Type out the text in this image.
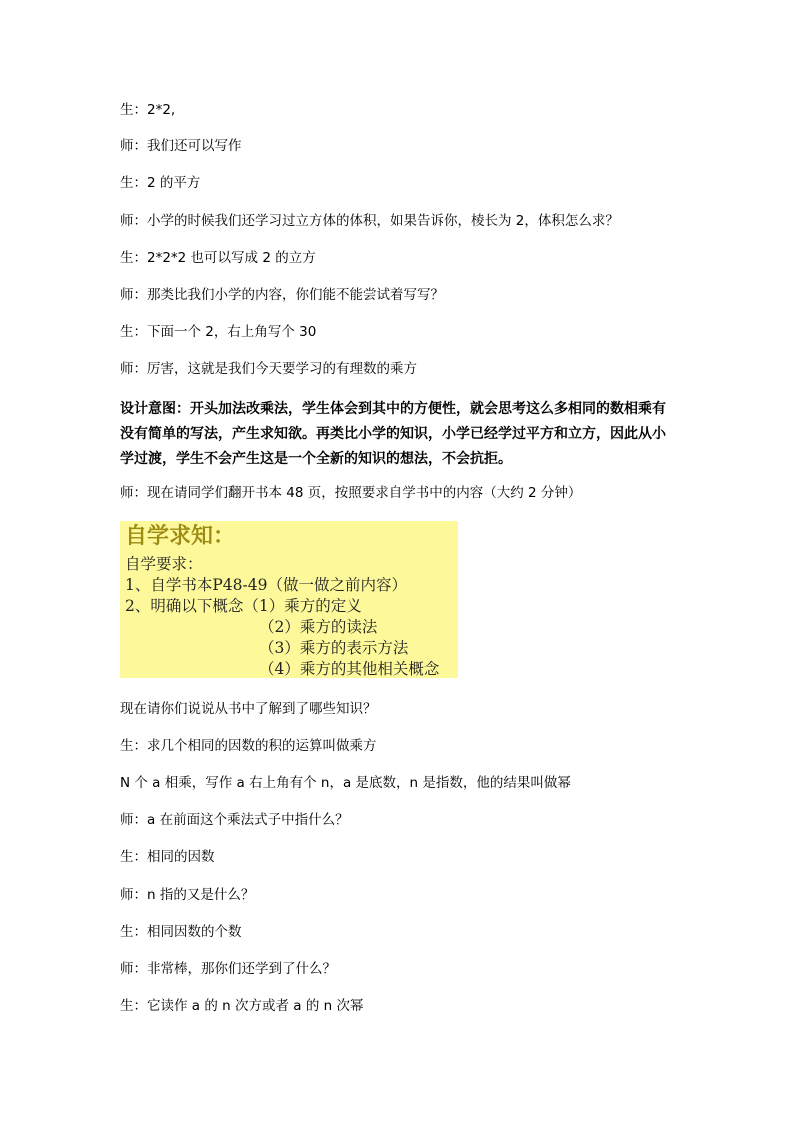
生：2*2,
师：我们还可以写作
生：2 的平方
师：小学的时候我们还学习过立方体的体积，如果告诉你，棱长为 2，体积怎么求？
生：2*2*2 也可以写成 2 的立方
师：那类比我们小学的内容，你们能不能尝试着写写？
生：下面一个 2，右上角写个 30
师：厉害，这就是我们今天要学习的有理数的乘方

设计意图：开头加法改乘法，学生体会到其中的方便性，就会思考这么多相同的数相乘有

没有简单的写法，产生求知欲。再类比小学的知识，小学已经学过平方和立方，因此从小

学过渡，学生不会产生这是一个全新的知识的想法，不会抗拒。

师：现在请同学们翻开书本 48 页，按照要求自学书中的内容（大约 2 分钟）
自学求知：
自学要求：
1、自学书本P48-49（做一做之前内容）
2、明确以下概念（1）乘方的定义
（2）乘方的读法
（3）乘方的表示方法
（4）乘方的其他相关概念
现在请你们说说从书中了解到了哪些知识？
生：求几个相同的因数的积的运算叫做乘方
N 个 a 相乘，写作 a 右上角有个 n，a 是底数，n 是指数，他的结果叫做幂
师：a 在前面这个乘法式子中指什么？
生：相同的因数
师：n 指的又是什么？
生：相同因数的个数
师：非常棒，那你们还学到了什么？
生：它读作 a 的 n 次方或者 a 的 n 次幂
